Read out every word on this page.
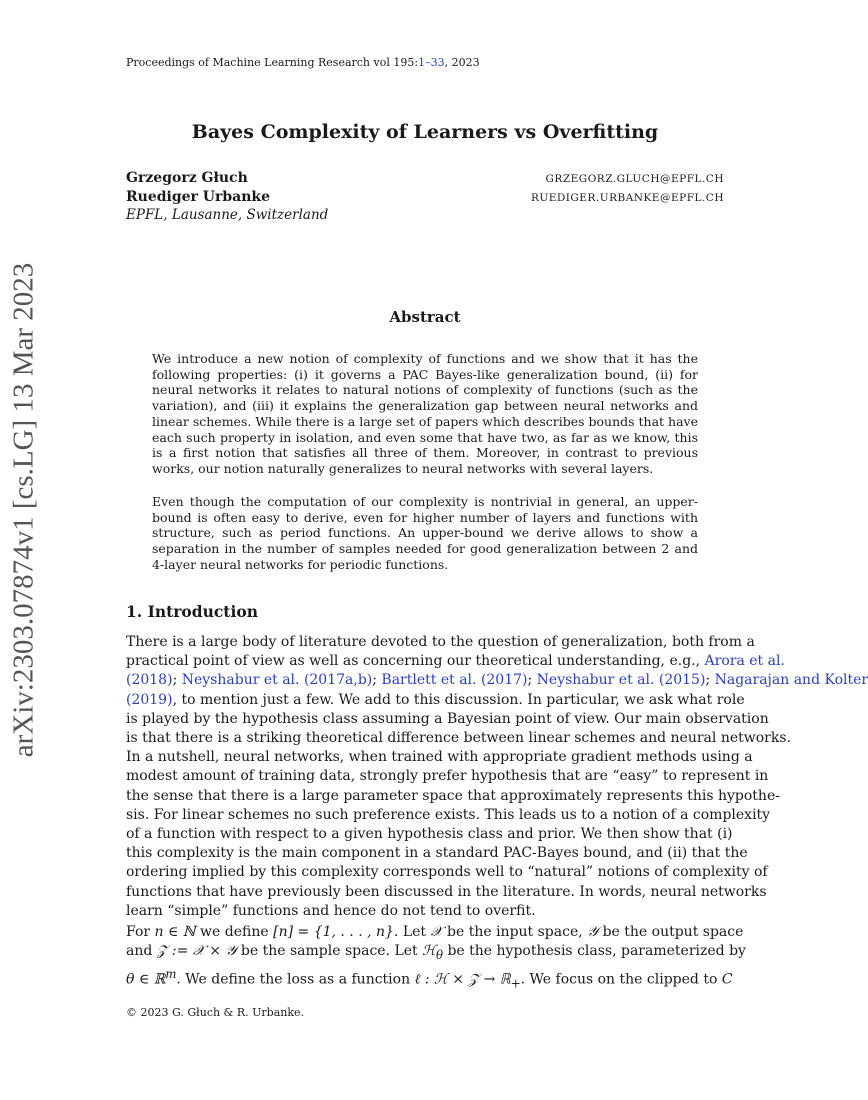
Proceedings of Machine Learning Research vol 195:1–33, 2023
arXiv:2303.07874v1 [cs.LG] 13 Mar 2023
Bayes Complexity of Learners vs Overfitting
Grzegorz Głuch	GRZEGORZ.GLUCH@EPFL.CH
Ruediger Urbanke	RUEDIGER.URBANKE@EPFL.CH
EPFL, Lausanne, Switzerland
Abstract
We introduce a new notion of complexity of functions and we show that it has the following properties: (i) it governs a PAC Bayes-like generalization bound, (ii) for neural networks it relates to natural notions of complexity of functions (such as the variation), and (iii) it explains the generalization gap between neural networks and linear schemes. While there is a large set of papers which describes bounds that have each such property in isolation, and even some that have two, as far as we know, this is a first notion that satisfies all three of them. Moreover, in contrast to previous works, our notion naturally generalizes to neural networks with several layers.
Even though the computation of our complexity is nontrivial in general, an upper-bound is often easy to derive, even for higher number of layers and functions with structure, such as period functions. An upper-bound we derive allows to show a separation in the number of samples needed for good generalization between 2 and 4-layer neural networks for periodic functions.
1. Introduction
There is a large body of literature devoted to the question of generalization, both from a
practical point of view as well as concerning our theoretical understanding, e.g., Arora et al.
(2018); Neyshabur et al. (2017a,b); Bartlett et al. (2017); Neyshabur et al. (2015); Nagarajan and Kolter
(2019), to mention just a few. We add to this discussion. In particular, we ask what role
is played by the hypothesis class assuming a Bayesian point of view. Our main observation
is that there is a striking theoretical difference between linear schemes and neural networks.
In a nutshell, neural networks, when trained with appropriate gradient methods using a
modest amount of training data, strongly prefer hypothesis that are “easy” to represent in
the sense that there is a large parameter space that approximately represents this hypothe-
sis. For linear schemes no such preference exists. This leads us to a notion of a complexity
of a function with respect to a given hypothesis class and prior. We then show that (i)
this complexity is the main component in a standard PAC-Bayes bound, and (ii) that the
ordering implied by this complexity corresponds well to “natural” notions of complexity of
functions that have previously been discussed in the literature. In words, neural networks
learn “simple” functions and hence do not tend to overfit.
For n ∈ ℕ we define [n] = {1, . . . , n}. Let 𝒳 be the input space, 𝒴 be the output space
and 𝒵 := 𝒳 × 𝒴 be the sample space. Let ℋ$_\theta$ be the hypothesis class, parameterized by
θ ∈ ℝ$^m$. We define the loss as a function ℓ : ℋ × 𝒵 → ℝ$_+$. We focus on the clipped to C
© 2023 G. Głuch & R. Urbanke.
